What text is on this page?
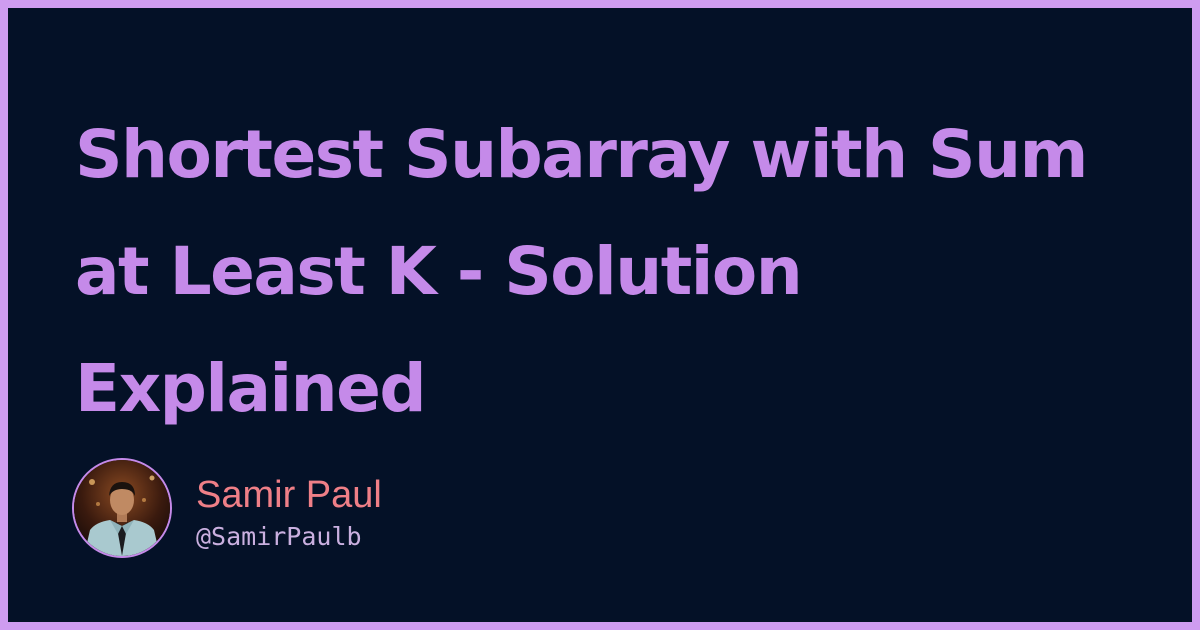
Shortest Subarray with Sum at Least K - Solution Explained
Samir Paul
@SamirPaulb
